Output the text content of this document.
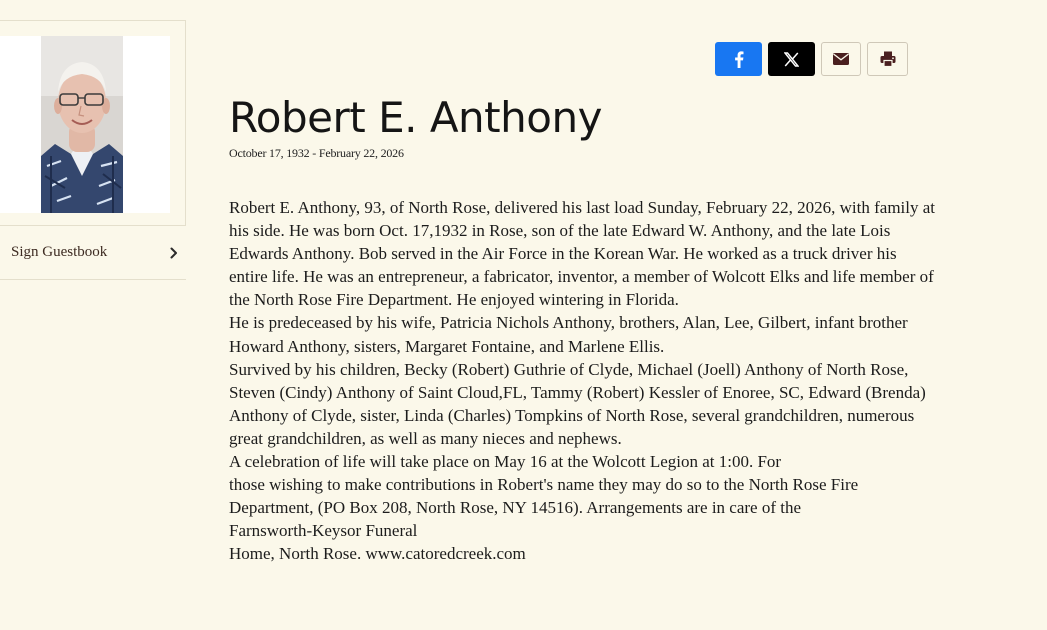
Sign Guestbook
Robert E. Anthony
October 17, 1932 - February 22, 2026

Robert E. Anthony, 93, of North Rose, delivered his last load Sunday, February 22, 2026, with family at his side. He was born Oct. 17,1932 in Rose, son of the late Edward W. Anthony, and the late Lois Edwards Anthony. Bob served in the Air Force in the Korean War. He worked as a truck driver his entire life. He was an entrepreneur, a fabricator, inventor, a member of Wolcott Elks and life member of the North Rose Fire Department. He enjoyed wintering in Florida.

He is predeceased by his wife, Patricia Nichols Anthony, brothers, Alan, Lee, Gilbert, infant brother Howard Anthony, sisters, Margaret Fontaine, and Marlene Ellis.

Survived by his children, Becky (Robert) Guthrie of Clyde, Michael (Joell) Anthony of North Rose, Steven (Cindy) Anthony of Saint Cloud,FL, Tammy (Robert) Kessler of Enoree, SC, Edward (Brenda) Anthony of Clyde, sister, Linda (Charles) Tompkins of North Rose, several grandchildren, numerous great grandchildren, as well as many nieces and nephews.

A celebration of life will take place on May 16 at the Wolcott Legion at 1:00. For

those wishing to make contributions in Robert's name they may do so to the North Rose Fire Department, (PO Box 208, North Rose, NY 14516). Arrangements are in care of the

Farnsworth-Keysor Funeral

Home, North Rose. www.catoredcreek.com
